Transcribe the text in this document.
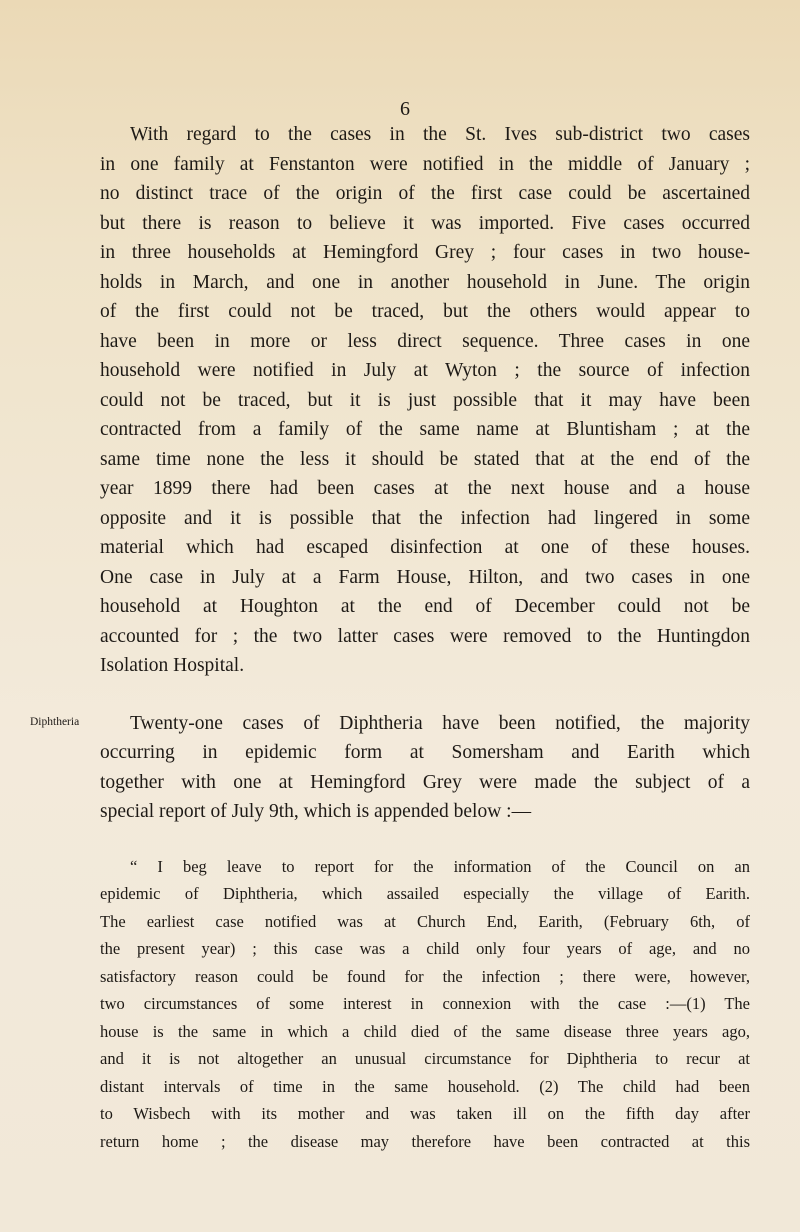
6
With regard to the cases in the St. Ives sub-district two cases
in one family at Fenstanton were notified in the middle of January ;
no distinct trace of the origin of the first case could be ascertained
but there is reason to believe it was imported. Five cases occurred
in three households at Hemingford Grey ; four cases in two house-
holds in March, and one in another household in June. The origin
of the first could not be traced, but the others would appear to
have been in more or less direct sequence. Three cases in one
household were notified in July at Wyton ; the source of infection
could not be traced, but it is just possible that it may have been
contracted from a family of the same name at Bluntisham ; at the
same time none the less it should be stated that at the end of the
year 1899 there had been cases at the next house and a house
opposite and it is possible that the infection had lingered in some
material which had escaped disinfection at one of these houses.
One case in July at a Farm House, Hilton, and two cases in one
household at Houghton at the end of December could not be
accounted for ; the two latter cases were removed to the Huntingdon
Isolation Hospital.
Diphtheria	Twenty-one cases of Diphtheria have been notified, the majority
occurring in epidemic form at Somersham and Earith which
together with one at Hemingford Grey were made the subject of a
special report of July 9th, which is appended below :—
“ I beg leave to report for the information of the Council on an
epidemic of Diphtheria, which assailed especially the village of Earith.
The earliest case notified was at Church End, Earith, (February 6th, of
the present year) ; this case was a child only four years of age, and no
satisfactory reason could be found for the infection ; there were, however,
two circumstances of some interest in connexion with the case :—(1) The
house is the same in which a child died of the same disease three years ago,
and it is not altogether an unusual circumstance for Diphtheria to recur at
distant intervals of time in the same household. (2) The child had been
to Wisbech with its mother and was taken ill on the fifth day after
return home ; the disease may therefore have been contracted at this
